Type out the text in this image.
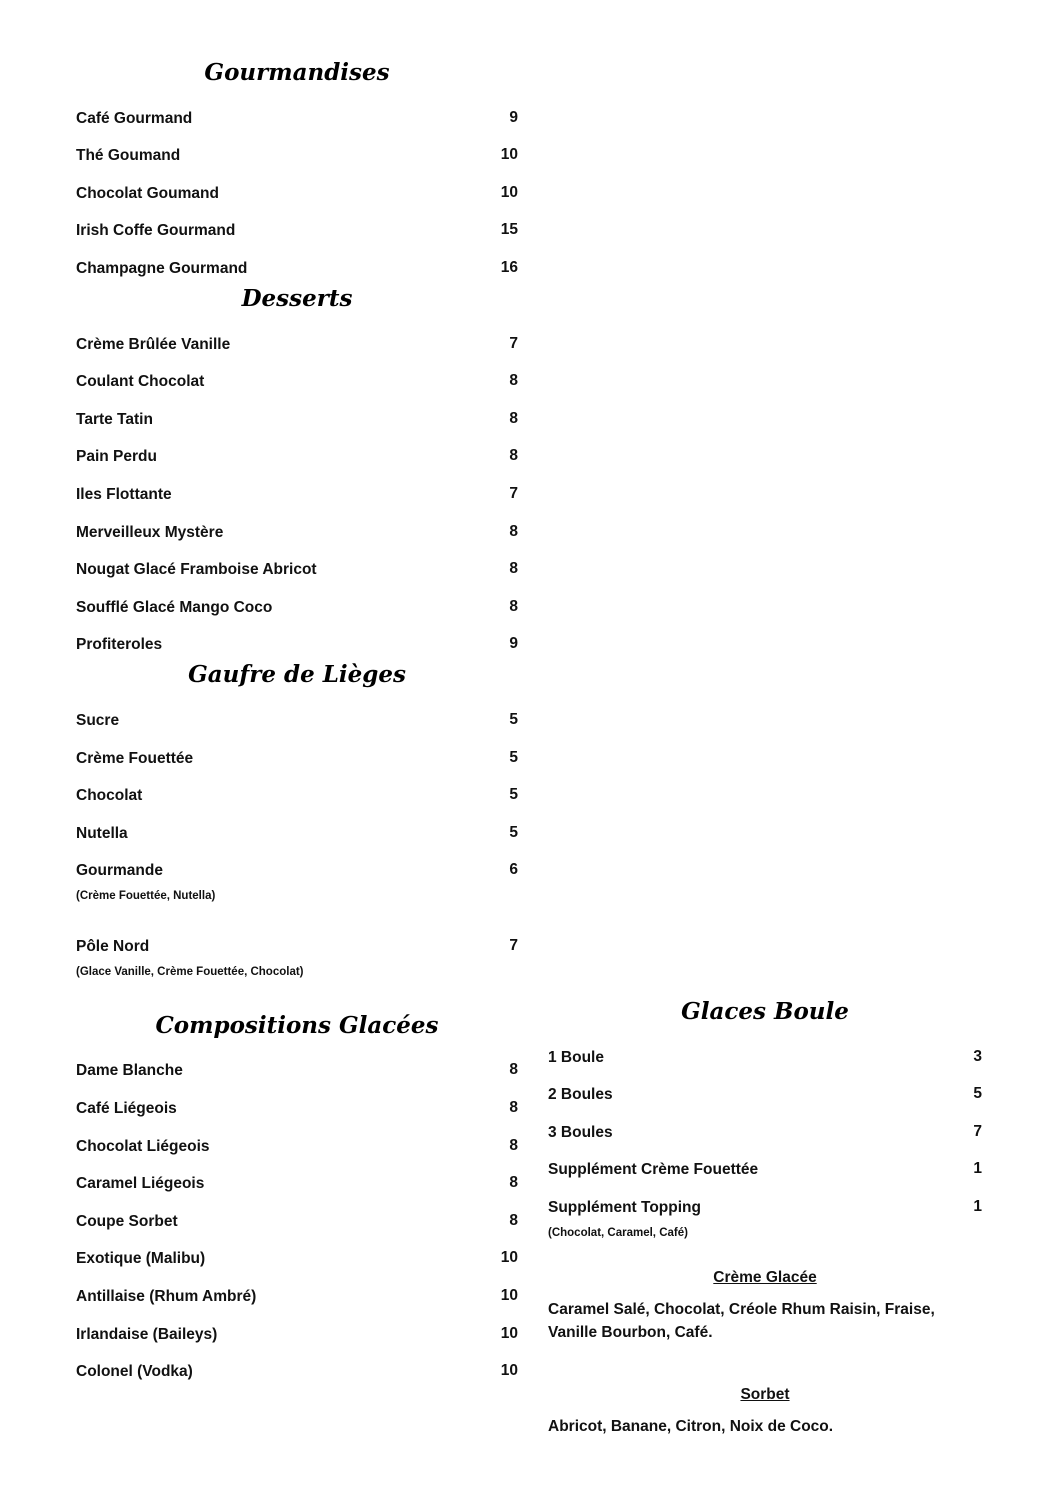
Gourmandises
Café Gourmand	9
Thé Goumand	10
Chocolat Goumand	10
Irish Coffe Gourmand	15
Champagne Gourmand	16
Desserts
Crème Brûlée Vanille	7
Coulant Chocolat	8
Tarte Tatin	8
Pain Perdu	8
Iles Flottante	7
Merveilleux Mystère	8
Nougat Glacé Framboise Abricot	8
Soufflé Glacé Mango Coco	8
Profiteroles	9
Gaufre de Lièges
Sucre	5
Crème Fouettée	5
Chocolat	5
Nutella	5
Gourmande	6
(Crème Fouettée, Nutella)
Pôle Nord	7
(Glace Vanille, Crème Fouettée, Chocolat)
Compositions Glacées
Dame Blanche	8
Café Liégeois	8
Chocolat Liégeois	8
Caramel Liégeois	8
Coupe Sorbet	8
Exotique (Malibu)	10
Antillaise (Rhum Ambré)	10
Irlandaise (Baileys)	10
Colonel (Vodka)	10
Glaces Boule
1 Boule	3
2 Boules	5
3 Boules	7
Supplément Crème Fouettée	1
Supplément Topping	1
(Chocolat, Caramel, Café)
Crème Glacée
Caramel Salé, Chocolat, Créole Rhum Raisin, Fraise, Vanille Bourbon, Café.
Sorbet
Abricot, Banane, Citron, Noix de Coco.
